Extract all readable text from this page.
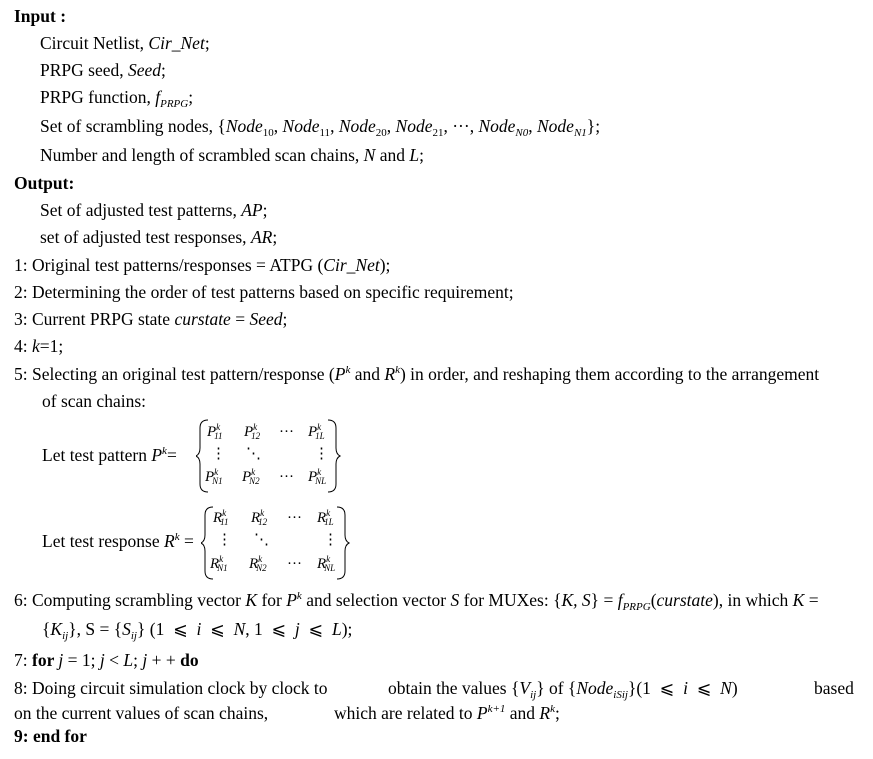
Input :
Circuit Netlist, Cir_Net;
PRPG seed, Seed;
PRPG function, $f_{PRPG}$;
Set of scrambling nodes, {Node$_{10}$, Node$_{11}$, Node$_{20}$, Node$_{21}$, ···, Node$_{N0}$, Node$_{N1}$};
Number and length of scrambled scan chains, N and L;
Output:
Set of adjusted test patterns, AP;
set of adjusted test responses, AR;
1: Original test patterns/responses = ATPG (Cir_Net);
2: Determining the order of test patterns based on specific requirement;
3: Current PRPG state curstate = Seed;
4: k=1;
5: Selecting an original test pattern/response ($P^k$ and $R^k$) in order, and reshaping them according to the arrangement
of scan chains:
Let test pattern $P^k=$
$P^k_{11}$ $P^k_{12}$ ··· $P^k_{1L}$
⋮ ⋱	⋮
$P^k_{N1}$ $P^k_{N2}$ ··· $P^k_{NL}$
Let test response $R^k$ =
$R^k_{11}$ $R^k_{12}$ ··· $R^k_{1L}$
⋮ ⋱	⋮
$R^k_{N1}$ $R^k_{N2}$ ··· $R^k_{NL}$
6: Computing scrambling vector K for $P^k$ and selection vector S for MUXes: {K, $S\} = f_{PRPG}(curstate)$, in which K =
$\{K_{ij}\}$, $S = \{S_{ij}\}$ (1  ⩽  i  ⩽  N, 1  ⩽  j  ⩽  L);
7: for j = 1; j < L; j + + do
8: Doing circuit simulation clock by clock to	obtain the values $\{V_{ij}\}$ of {Node$_{iSij}$}(1  ⩽  i  ⩽  N)	based
on the current values of scan chains,	which are related to $P^{k+1}$ and $R^k$;
9: end for
